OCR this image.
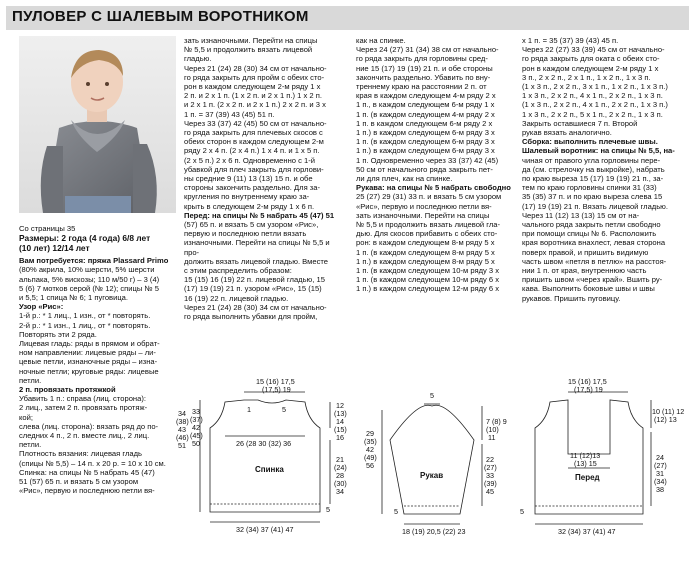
ПУЛОВЕР С ШАЛЕВЫМ ВОРОТНИКОМ

Со страницы 35

Размеры: 2 года (4 года) 6/8 лет

(10 лет) 12/14 лет

Вам потребуется: пряжа Plassard Primo

(80% акрила, 10% шерсти, 5% шерсти

альпака, 5% вискозы; 110 м/50 г) – 3 (4)

5 (6) 7 мотков серой (№ 12); спицы № 5

и 5,5; 1 спица № 6; 1 пуговица.

Узор «Рис»:

1-й р.: * 1 лиц., 1 изн., от * повторять.

2-й р.: * 1 изн., 1 лиц., от * повторять.

Повторять эти 2 ряда.

Лицевая гладь: ряды в прямом и обрат-

ном направлении: лицевые ряды – ли-

цевые петли, изнаночные ряды – изна-

ночные петли; круговые ряды: лицевые

петли.

2 п. провязать протяжкой

Убавить 1 п.: справа (лиц. сторона):

2 лиц., затем 2 п. провязать протяж-

кой;

слева (лиц. сторона): вязать ряд до по-

следних 4 п., 2 п. вместе лиц., 2 лиц.

петли.

Плотность вязания: лицевая гладь

(спицы № 5,5) – 14 п. х 20 р. = 10 х 10 см.

Спинка: на спицы № 5 набрать 45 (47)

51 (57) 65 п. и вязать 5 см узором

«Рис», первую и последнюю петли вя-

зать изнаночными. Перейти на спицы

№ 5,5 и продолжить вязать лицевой

гладью.

Через 21 (24) 28 (30) 34 см от начально-

го ряда закрыть для пройм с обеих сто-

рон в каждом следующем 2-м ряду 1 х

2 п. и 2 х 1 п. (1 х 2 п. и 2 х 1 п.) 1 х 2 п.

и 2 х 1 п. (2 х 2 п. и 2 х 1 п.) 2 х 2 п. и 3 х

1 п. = 37 (39) 43 (45) 51 п.

Через 33 (37) 42 (45) 50 см от начально-

го ряда закрыть для плечевых скосов с

обеих сторон в каждом следующем 2-м

ряду 2 х 4 п. (2 х 4 п.) 1 х 4 п. и 1 х 5 п.

(2 х 5 п.) 2 х 6 п. Одновременно с 1-й

убавкой для плеч закрыть для горлови-

ны средние 9 (11) 13 (13) 15 п. и обе

стороны закончить раздельно. Для за-

кругления по внутреннему краю за-

крыть в следующем 2-м ряду 1 х 6 п.

Перед: на спицы № 5 набрать 45 (47) 51

(57) 65 п. и вязать 5 см узором «Рис»,

первую и последнюю петли вязать

изнаночными. Перейти на спицы № 5,5 и про-

должить вязать лицевой гладью. Вместе

с этим распределить образом:

15 (15) 16 (19) 22 п. лицевой гладью, 15

(17) 19 (19) 21 п. узором «Рис», 15 (15)

16 (19) 22 п. лицевой гладью.

Через 21 (24) 28 (30) 34 см от начально-

го ряда выполнить убавки для пройм,

как на спинке.

Через 24 (27) 31 (34) 38 см от начально-

го ряда закрыть для горловины сред-

ние 15 (17) 19 (19) 21 п. и обе стороны

закончить раздельно. Убавить по вну-

треннему краю на расстоянии 2 п. от

края в каждом следующем 4-м ряду 2 х

1 п., в каждом следующем 6-м ряду 1 х

1 п. (в каждом следующем 4-м ряду 2 х

1 п. в каждом следующем 6-м ряду 2 х

1 п.) в каждом следующем 6-м ряду 3 х

1 п. (в каждом следующем 6-м ряду 3 х

1 п.) в каждом следующем 6-м ряду 3 х

1 п. Одновременно через 33 (37) 42 (45)

50 см от начального ряда закрыть пет-

ли для плеч, как на спинке.

Рукава: на спицы № 5 набрать свободно

25 (27) 29 (31) 33 п. и вязать 5 см узором

«Рис», первую и последнюю петли вя-

зать изнаночными. Перейти на спицы

№ 5,5 и продолжить вязать лицевой гла-

дью. Для скосов прибавить с обеих сто-

рон: в каждом следующем 8-м ряду 5 х

1 п. (в каждом следующем 8-м ряду 5 х

1 п.) в каждом следующем 8-м ряду 5 х

1 п. (в каждом следующем 10-м ряду 3 х

1 п. (в каждом следующем 10-м ряду 6 х

1 п.) в каждом следующем 12-м ряду 6 х

х 1 п. = 35 (37) 39 (43) 45 п.

Через 22 (27) 33 (39) 45 см от начально-

го ряда закрыть для оката с обеих сто-

рон в каждом следующем 2-м ряду 1 х

3 п., 2 х 2 п., 2 х 1 п., 1 х 2 п., 1 х 3 п.

(1 х 3 п., 2 х 2 п., 3 х 1 п., 1 х 2 п., 1 х 3 п.)

1 х 3 п., 2 х 2 п., 4 х 1 п., 2 х 2 п., 1 х 3 п.

(1 х 3 п., 2 х 2 п., 4 х 1 п., 2 х 2 п., 1 х 3 п.)

1 х 3 п., 2 х 2 п., 5 х 1 п., 2 х 2 п., 1 х 3 п.

Закрыть оставшиеся 7 п. Второй

рукав вязать аналогично.

Сборка: выполнить плечевые швы.

Шалевый воротник: на спицы № 5,5, на-

чиная от правого угла горловины пере-

да (см. стрелочку на выкройке), набрать

по краю выреза 15 (17) 19 (19) 21 п., за-

тем по краю горловины спинки 31 (33)

35 (35) 37 п. и по краю выреза слева 15

(17) 19 (19) 21 п. Вязать лицевой гладью.

Через 11 (12) 13 (13) 15 см от на-

чального ряда закрыть петли свободно

при помощи спицы № 6. Расположить

края воротника внахлест, левая сторона

поверх правой, и пришить видимую

часть швом «петля в петлю» на расстоя-

нии 1 п. от края, внутреннюю часть

пришить швом «через край». Вшить ру-

кава. Выполнить боковые швы и швы

рукавов. Пришить пуговицу.

Спинка
15 (16) 17,5
(17,5) 19
5
26 (28 30 (32) 36
32 (34) 37 (41) 47
34
(38)
43
(46)
51
33
(37)
42
(45)
50
12
(13)
14
(15)
16
21
(24)
28
(30)
34
5
1
Рукав
5
7 (8) 9
(10)
11
22
(27)
33
(39)
45
29
(35)
42
(49)
56
5
18 (19) 20,5 (22) 23
Перед
15 (16) 17,5
(17,5) 19
11 (12)13
(13) 15
10 (11) 12
(12) 13
24
(27)
31
(34)
38
5
32 (34) 37 (41) 47
